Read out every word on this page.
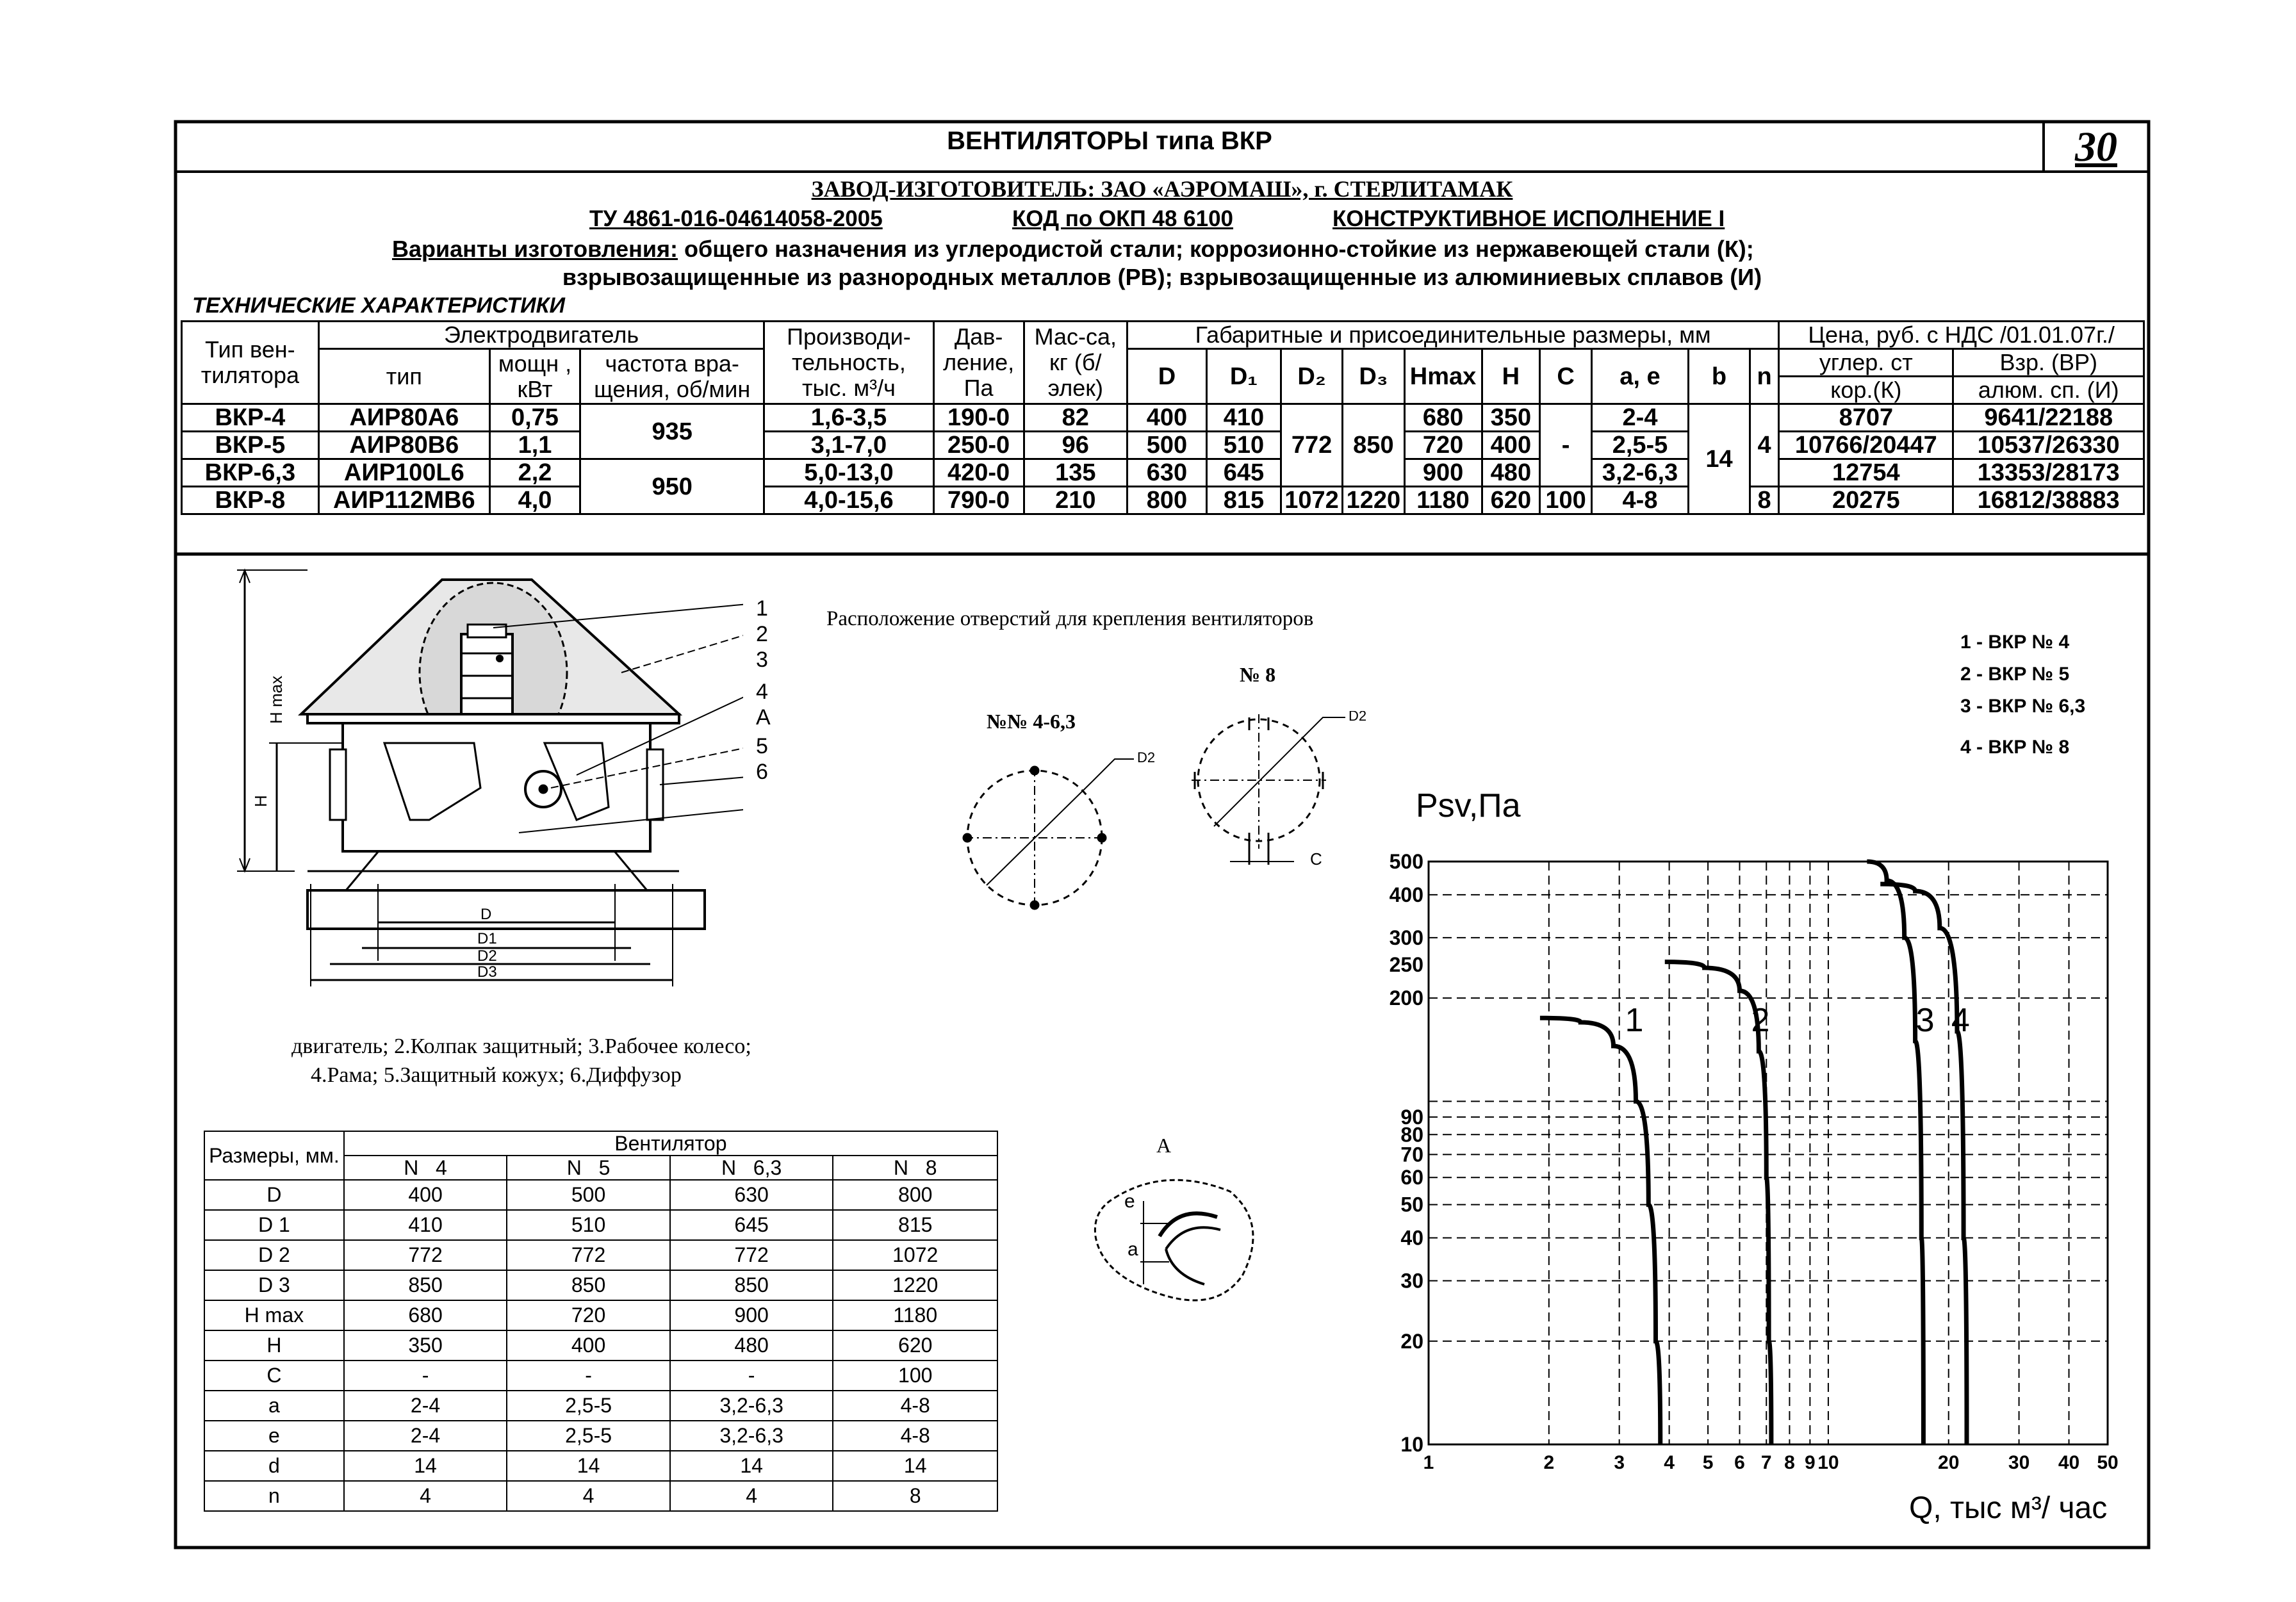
ВЕНТИЛЯТОРЫ типа ВКР	30
ЗАВОД-ИЗГОТОВИТЕЛЬ: ЗАО «АЭРОМАШ», г. СТЕРЛИТАМАК
ТУ 4861-016-04614058-2005	КОД по ОКП 48 6100	КОНСТРУКТИВНОЕ ИСПОЛНЕНИЕ I
Варианты изготовления: общего назначения из углеродистой стали; коррозионно-стойкие из нержавеющей стали (К);
взрывозащищенные из разнородных металлов (РВ); взрывозащищенные из алюминиевых сплавов (И)
ТЕХНИЧЕСКИЕ ХАРАКТЕРИСТИКИ
Тип вен-тилятора	Электродвигатель			Производи-тельность, тыс. м³/ч	Дав-ление, Па	Мас-са, кг (б/элек)	Габаритные и присоединительные размеры, мм										Цена, руб. с НДС /01.01.07г./	
	тип	мощн , кВт	частота вра-щения, об/мин				D	D₁	D₂	D₃	Hmax	H	C	a, e	b	n	углер. ст	Взр. (ВР)
																	кор.(К)	алюм. сп. (И)
ВКР-4	АИР80А6	0,75	935	1,6-3,5	190-0	82	400	410	772	850	680	350	-	2-4	14	4	8707	9641/22188
ВКР-5	АИР80В6	1,1		3,1-7,0	250-0	96	500	510			720	400		2,5-5			10766/20447	10537/26330
ВКР-6,3	АИР100L6	2,2	950	5,0-13,0	420-0	135	630	645			900	480		3,2-6,3			12754	13353/28173
ВКР-8	АИР112МВ6	4,0		4,0-15,6	790-0	210	800	815	1072	1220	1180	620	100	4-8		8	20275	16812/38883
H max
H
D
D1
D2
D3
1
2
3
4
А
5
6
двигатель; 2.Колпак защитный; 3.Рабочее колесо;
4.Рама; 5.Защитный кожух; 6.Диффузор
Расположение отверстий для крепления вентиляторов
№№ 4-6,3
№ 8
D2
D2
C
А
e
a
Размеры, мм.	Вентилятор			
	N   4	N   5	N   6,3	N   8
D	400	500	630	800
D 1	410	510	645	815
D 2	772	772	772	1072
D 3	850	850	850	1220
H max	680	720	900	1180
H	350	400	480	620
C	-	-	-	100
a	2-4	2,5-5	3,2-6,3	4-8
e	2-4	2,5-5	3,2-6,3	4-8
d	14	14	14	14
n	4	4	4	8
1 - ВКР № 4
2 - ВКР № 5
3 - ВКР № 6,3
4 - ВКР № 8
1	2	3 4 5 6 7 8 9 10	20	30 40 50
500
400
300
250
200
90
80
70
60
50
40
30
20
10
1	2	3 4
Psv,Па
Q, тыс м³/ час
